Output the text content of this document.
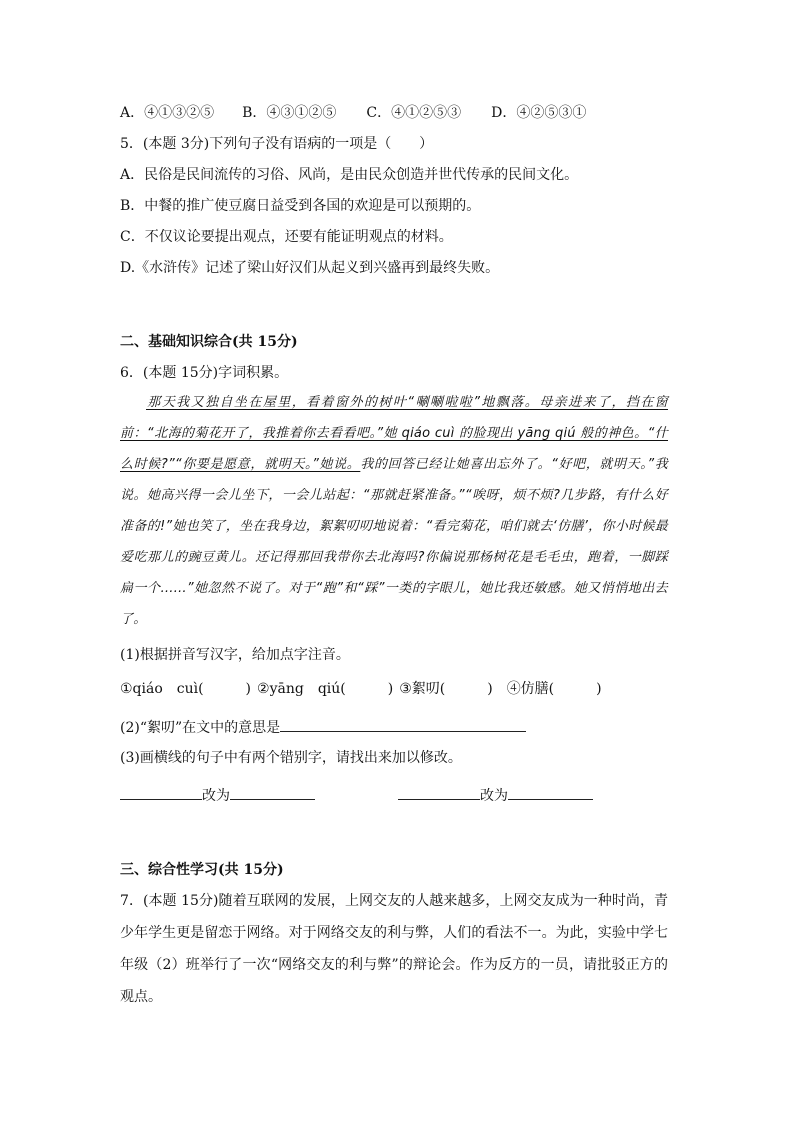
A．④①③②⑤ B．④③①②⑤ C．④①②⑤③ D．④②⑤③①
5．(本题 3分)下列句子没有语病的一项是（　　）
A．民俗是民间流传的习俗、风尚，是由民众创造并世代传承的民间文化。
B．中餐的推广使豆腐日益受到各国的欢迎是可以预期的。
C．不仅议论要提出观点，还要有能证明观点的材料。
D.《水浒传》记述了梁山好汉们从起义到兴盛再到最终失败。
二、基础知识综合(共 15分)
6．(本题 15分)字词积累。
那天我又独自坐在屋里，看着窗外的树叶“唰唰啦啦”地飘落。母亲进来了，挡在窗前：“北海的菊花开了，我推着你去看看吧。”她 qiáo cuì 的脸现出 yāng qiú 般的神色。“什么时候?”“你要是愿意，就明天。”她说。我的回答已经让她喜出忘外了。“好吧，就明天。”我说。她高兴得一会儿坐下，一会儿站起：“那就赶紧准备。”“唉呀，烦不烦?几步路，有什么好准备的!”她也笑了，坐在我身边，絮絮叨叨地说着：“看完菊花，咱们就去‘仿膳’，你小时候最爱吃那儿的豌豆黄儿。还记得那回我带你去北海吗?你偏说那杨树花是毛毛虫，跑着，一脚踩扁一个……”她忽然不说了。对于“跑”和“踩”一类的字眼儿，她比我还敏感。她又悄悄地出去了。
(1)根据拼音写汉字，给加点字注音。
①qiáo　cuì(　　　) ②yāng　qiú(　　　) ③絮叨(　　　) ④仿膳(　　　)
(2)“絮叨”在文中的意思是
(3)画横线的句子中有两个错别字，请找出来加以修改。
改为	改为
三、综合性学习(共 15分)
7．(本题 15分)随着互联网的发展，上网交友的人越来越多，上网交友成为一种时尚，青少年学生更是留恋于网络。对于网络交友的利与弊，人们的看法不一。为此，实验中学七年级（2）班举行了一次“网络交友的利与弊”的辩论会。作为反方的一员，请批驳正方的观点。
